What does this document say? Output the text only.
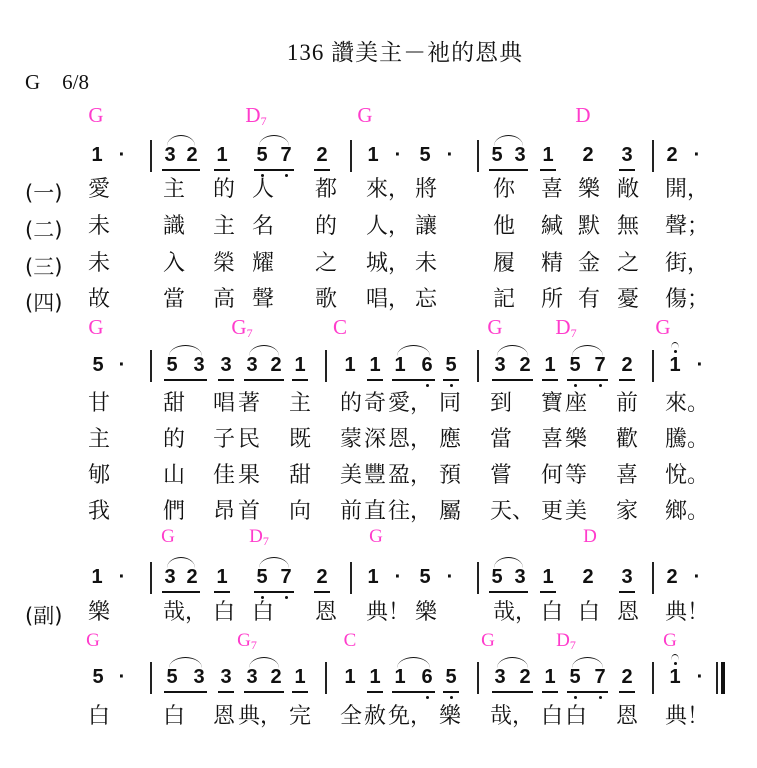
136 讚美主－祂的恩典
G 6/8
G	$D_7$	G	D
G	$G_7$	C	G	$D_7$	G
G	$D_7$	G	D
G	$G_7$	C	G	$D_7$	G
1 · 3 2 1 5 7 2 1 · 5 · 5 3 1 2 3 2 ·
5 · 5 3 3 3 2 1 1 1 1 6 5 3 2 1 5 7 2 1 ·
1 · 3 2 1 5 7 2 1 · 5 · 5 3 1 2 3 2 ·
5 · 5 3 3 3 2 1 1 1 1 6 5 3 2 1 5 7 2 1 ·
(一)
(二)
(三)
(四)
愛 主 的 人 都 來， 將	你 喜 樂 敞 開，
未 識 主 名 的 人， 讓	他 緘 默 無 聲；
未 入 榮 耀 之 城， 未	履 精 金 之 街，
故 當 高 聲 歌 唱， 忘	記 所 有 憂 傷；
甘 甜 唱 著 主 的 奇 愛， 同 到 寶 座 前 來。
主 的 子 民 既 蒙 深 恩， 應 當 喜 樂 歡 騰。
郇 山 佳 果 甜 美 豐 盈， 預 嘗 何 等 喜 悅。
我 們 昂 首 向 前 直 往， 屬 天、 更 美 家 鄉。
(副) 樂 哉， 白 白 恩 典！ 樂	哉， 白 白 恩 典！
白 白 恩 典， 完 全 赦 免， 樂 哉， 白 白 恩 典！
